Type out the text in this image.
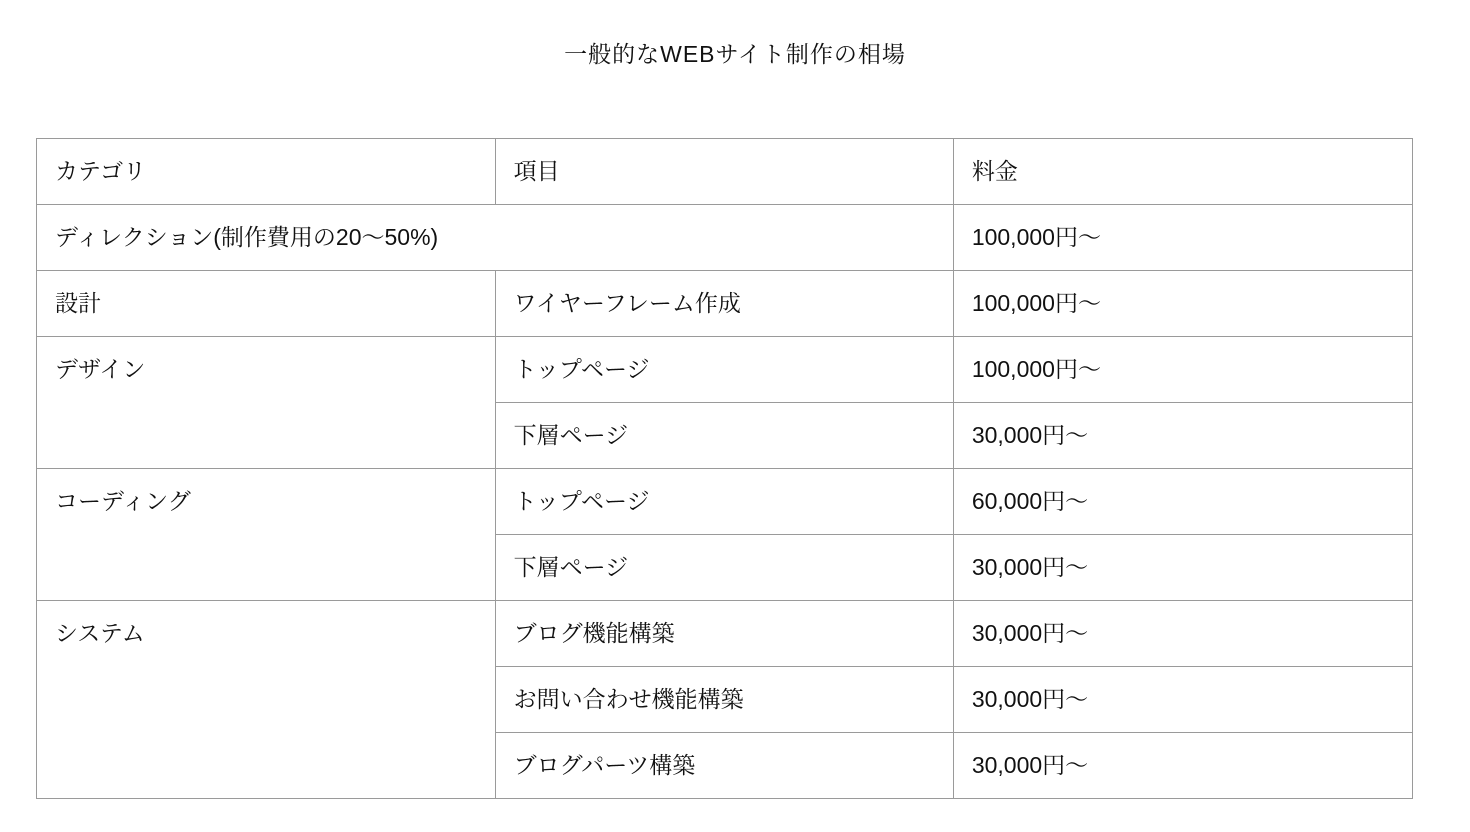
一般的なWEBサイト制作の相場
カテゴリ	項目	料金
ディレクション(制作費用の20〜50%)		100,000円〜
設計	ワイヤーフレーム作成	100,000円〜
デザイン	トップページ	100,000円〜
	下層ページ	30,000円〜
コーディング	トップページ	60,000円〜
	下層ページ	30,000円〜
システム	ブログ機能構築	30,000円〜
	お問い合わせ機能構築	30,000円〜
	ブログパーツ構築	30,000円〜
